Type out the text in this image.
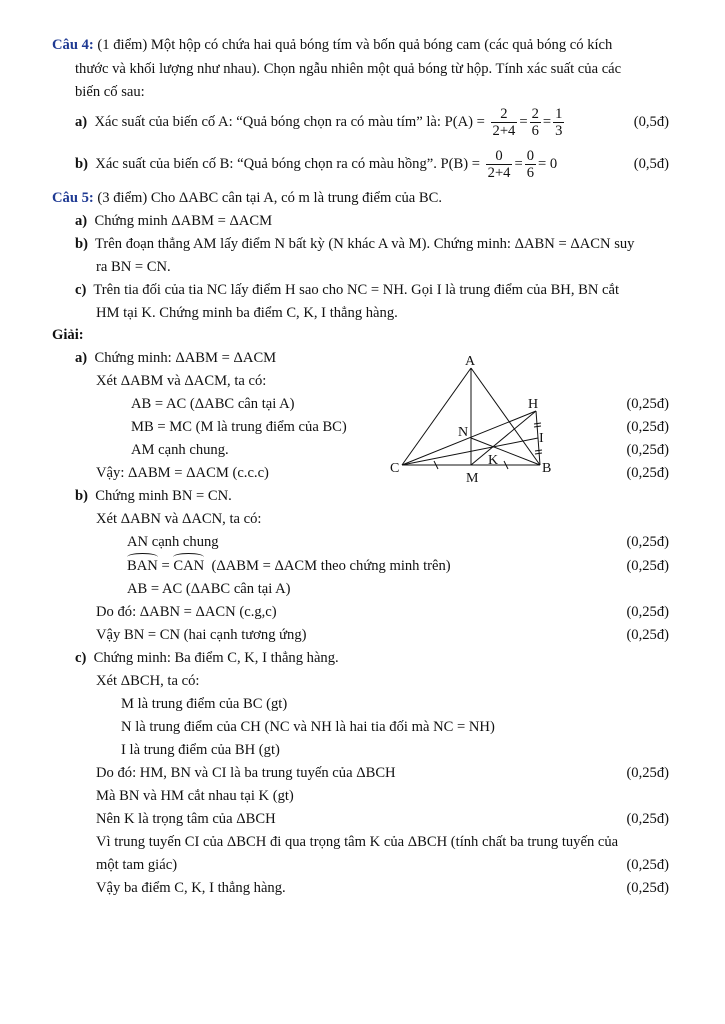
Câu 4: (1 điểm) Một hộp có chứa hai quả bóng tím và bốn quả bóng cam (các quả bóng có kích
thước và khối lượng như nhau). Chọn ngẫu nhiên một quả bóng từ hộp. Tính xác suất của các
biến cố sau:
a) Xác suất của biến cố A: “Quả bóng chọn ra có màu tím” là: $P(A) = \frac{2}{2+4} = \frac{2}{6} = \frac{1}{3}$	(0,5đ)
b) Xác suất của biến cố B: “Quả bóng chọn ra có màu hồng”. $P(B) = \frac{0}{2+4} = \frac{0}{6} = 0$	(0,5đ)
Câu 5: (3 điểm) Cho ΔABC cân tại A, có m là trung điểm của BC.
a) Chứng minh ΔABM = ΔACM
b) Trên đoạn thẳng AM lấy điểm N bất kỳ (N khác A và M). Chứng minh: ΔABN = ΔACN suy
ra BN = CN.
c) Trên tia đối của tia NC lấy điểm H sao cho NC = NH. Gọi I là trung điểm của BH, BN cắt
HM tại K. Chứng minh ba điểm C, K, I thẳng hàng.
Giải:
a) Chứng minh: ΔABM = ΔACM
Xét ΔABM và ΔACM, ta có:
AB = AC (ΔABC cân tại A)	(0,25đ)
MB = MC (M là trung điểm của BC)	(0,25đ)
AM cạnh chung.	(0,25đ)
Vậy: ΔABM = ΔACM (c.c.c)	(0,25đ)
A
H
N	I
K
C
M
B
b) Chứng minh BN = CN.
Xét ΔABN và ΔACN, ta có:
AN cạnh chung	(0,25đ)
BAN = CAN (ΔABM = ΔACM theo chứng minh trên)	(0,25đ)
AB = AC (ΔABC cân tại A)
Do đó: ΔABN = ΔACN (c.g,c)	(0,25đ)
Vậy BN = CN (hai cạnh tương ứng)	(0,25đ)
c) Chứng minh: Ba điểm C, K, I thẳng hàng.
Xét ΔBCH, ta có:
M là trung điểm của BC (gt)
N là trung điểm của CH (NC và NH là hai tia đối mà NC = NH)
I là trung điểm của BH (gt)
Do đó: HM, BN và CI là ba trung tuyến của ΔBCH	(0,25đ)
Mà BN và HM cắt nhau tại K (gt)
Nên K là trọng tâm của ΔBCH	(0,25đ)
Vì trung tuyến CI của ΔBCH đi qua trọng tâm K của ΔBCH (tính chất ba trung tuyến của
một tam giác)	(0,25đ)
Vậy ba điểm C, K, I thẳng hàng.	(0,25đ)
